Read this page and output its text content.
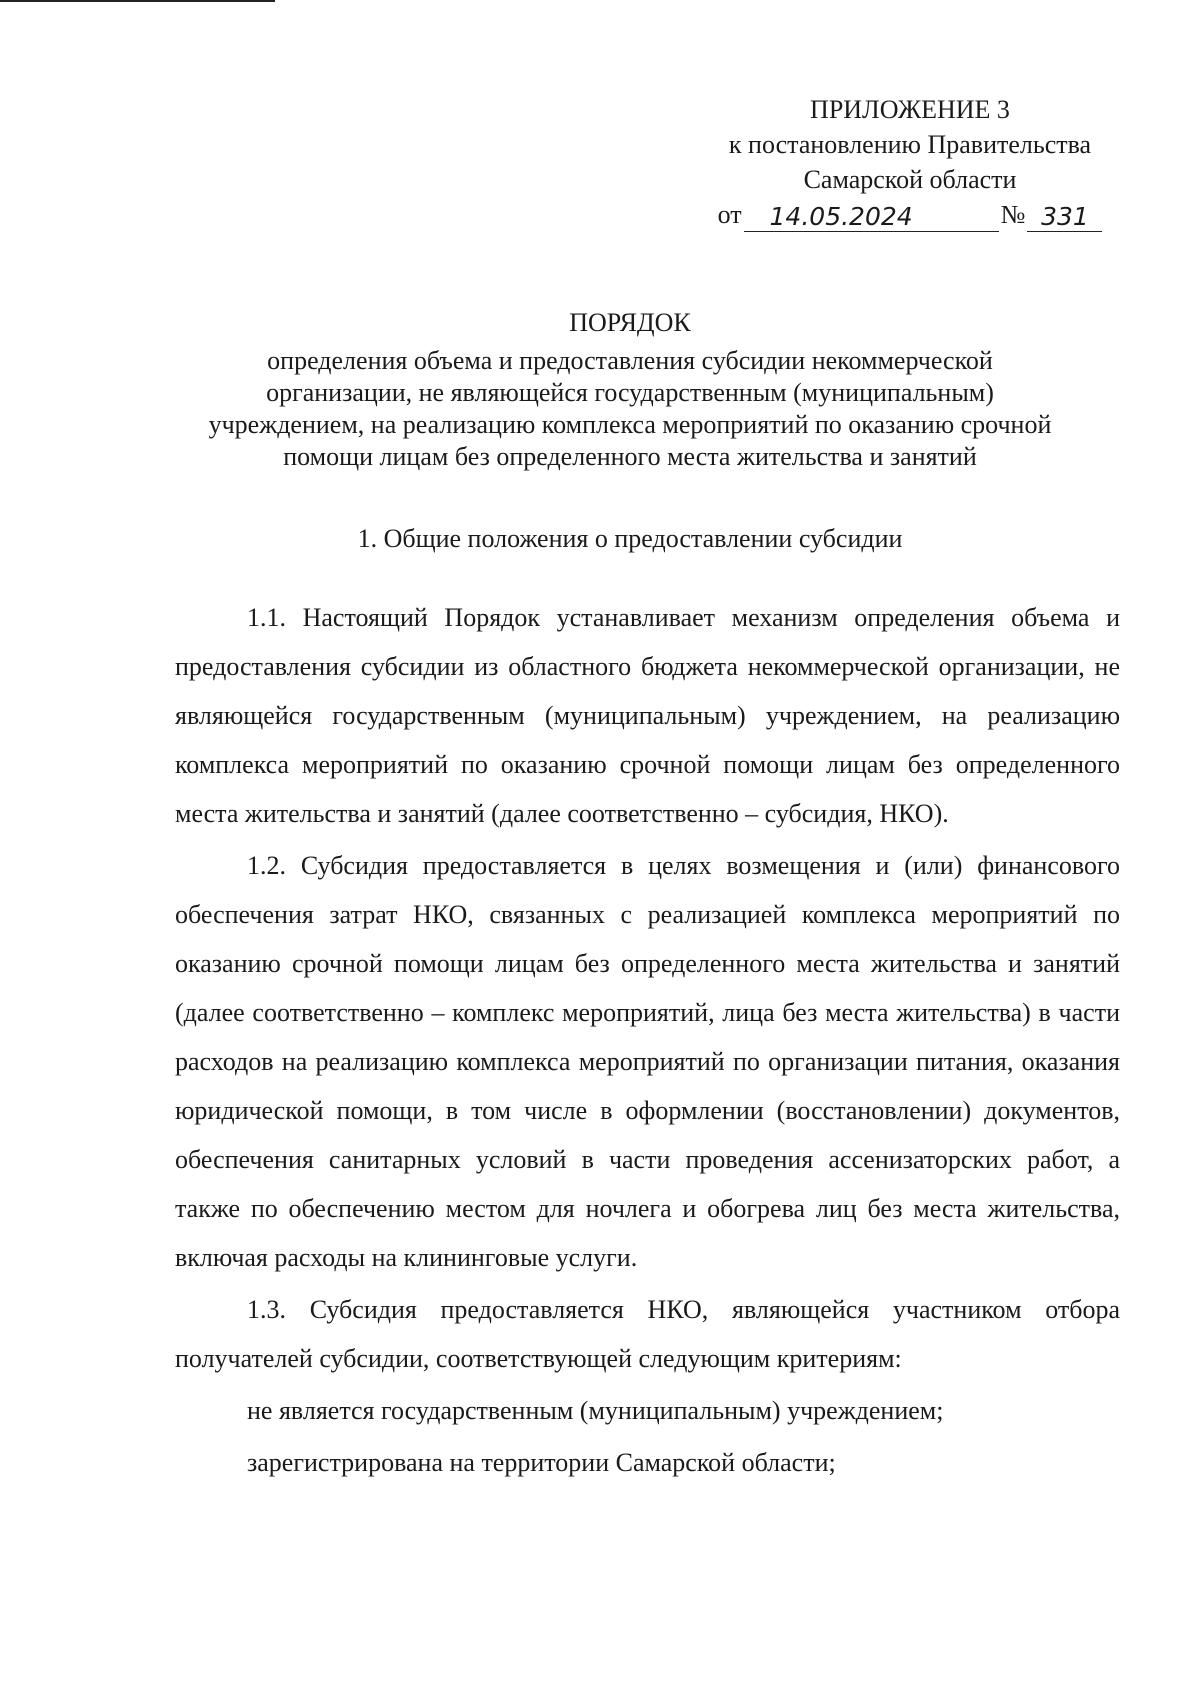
ПРИЛОЖЕНИЕ 3
к постановлению Правительства
Самарской области
от	14.05.2024	№ 331
ПОРЯДОК
определения объема и предоставления субсидии некоммерческой
организации, не являющейся государственным (муниципальным)
учреждением, на реализацию комплекса мероприятий по оказанию срочной
помощи лицам без определенного места жительства и занятий
1. Общие положения о предоставлении субсидии

1.1. Настоящий Порядок устанавливает механизм определения объема и предоставления субсидии из областного бюджета некоммерческой организации, не являющейся государственным (муниципальным) учреждением, на реализацию комплекса мероприятий по оказанию срочной помощи лицам без определенного места жительства и занятий (далее соответственно – субсидия, НКО).

1.2. Субсидия предоставляется в целях возмещения и (или) финансового обеспечения затрат НКО, связанных с реализацией комплекса мероприятий по оказанию срочной помощи лицам без определенного места жительства и занятий (далее соответственно – комплекс мероприятий, лица без места жительства) в части расходов на реализацию комплекса мероприятий по организации питания, оказания юридической помощи, в том числе в оформлении (восстановлении) документов, обеспечения санитарных условий в части проведения ассенизаторских работ, а также по обеспечению местом для ночлега и обогрева лиц без места жительства, включая расходы на клининговые услуги.

1.3. Субсидия предоставляется НКО, являющейся участником отбора получателей субсидии, соответствующей следующим критериям:

не является государственным (муниципальным) учреждением;

зарегистрирована на территории Самарской области;
